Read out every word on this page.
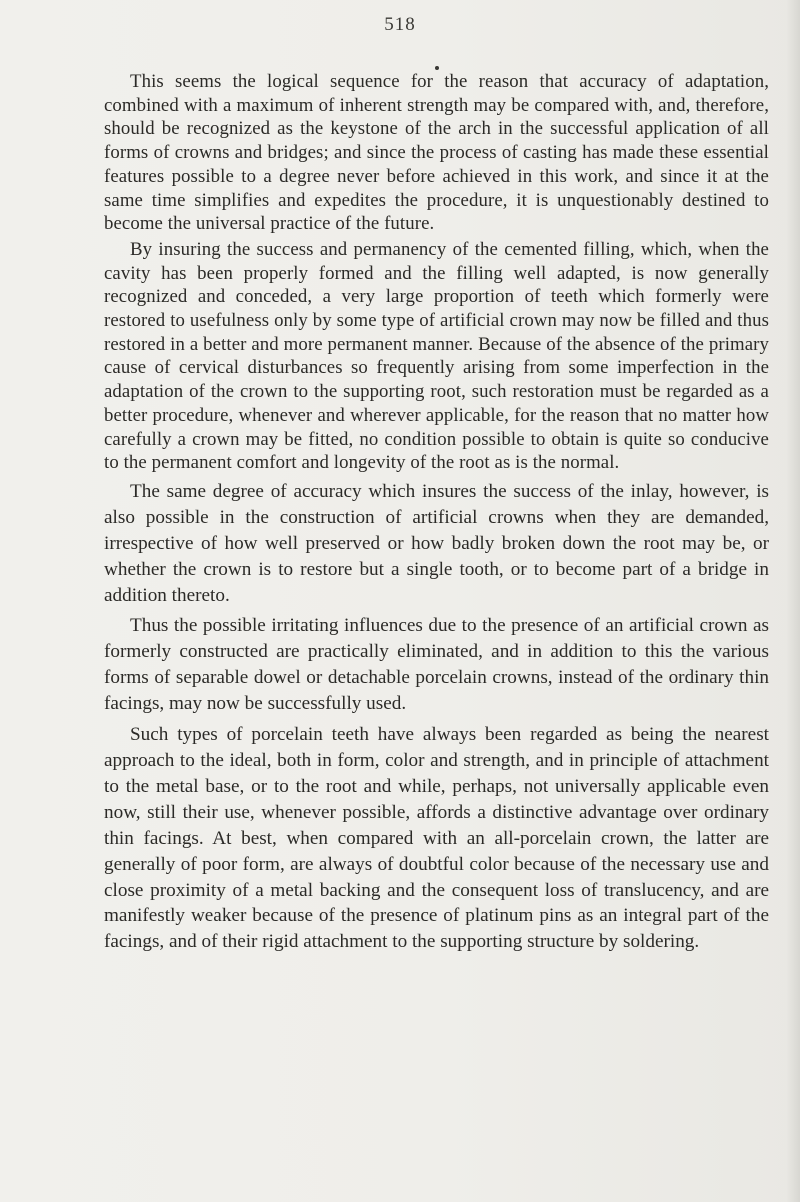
518

This seems the logical sequence for the reason that accuracy of adaptation, combined with a maximum of inherent strength may be compared with, and, therefore, should be recognized as the keystone of the arch in the successful application of all forms of crowns and bridges; and since the process of casting has made these essential features possible to a degree never before achieved in this work, and since it at the same time simplifies and expedites the procedure, it is unquestionably destined to become the universal practice of the future.

By insuring the success and permanency of the cemented filling, which, when the cavity has been properly formed and the filling well adapted, is now generally recognized and conceded, a very large proportion of teeth which formerly were restored to usefulness only by some type of artificial crown may now be filled and thus restored in a better and more permanent manner. Because of the absence of the primary cause of cervical disturbances so frequently arising from some imperfection in the adaptation of the crown to the supporting root, such restoration must be regarded as a better procedure, whenever and wherever applicable, for the reason that no matter how carefully a crown may be fitted, no condition possible to obtain is quite so conducive to the permanent comfort and longevity of the root as is the normal.

The same degree of accuracy which insures the success of the inlay, however, is also possible in the construction of artificial crowns when they are demanded, irrespective of how well preserved or how badly broken down the root may be, or whether the crown is to restore but a single tooth, or to become part of a bridge in addition thereto.

Thus the possible irritating influences due to the presence of an artificial crown as formerly constructed are practically eliminated, and in addition to this the various forms of separable dowel or detachable porcelain crowns, instead of the ordinary thin facings, may now be successfully used.

Such types of porcelain teeth have always been regarded as being the nearest approach to the ideal, both in form, color and strength, and in principle of attachment to the metal base, or to the root and while, perhaps, not universally applicable even now, still their use, whenever possible, affords a distinctive advantage over ordinary thin facings. At best, when compared with an all-porcelain crown, the latter are generally of poor form, are always of doubtful color because of the necessary use and close proximity of a metal backing and the consequent loss of translucency, and are manifestly weaker because of the presence of platinum pins as an integral part of the facings, and of their rigid attachment to the supporting structure by soldering.
